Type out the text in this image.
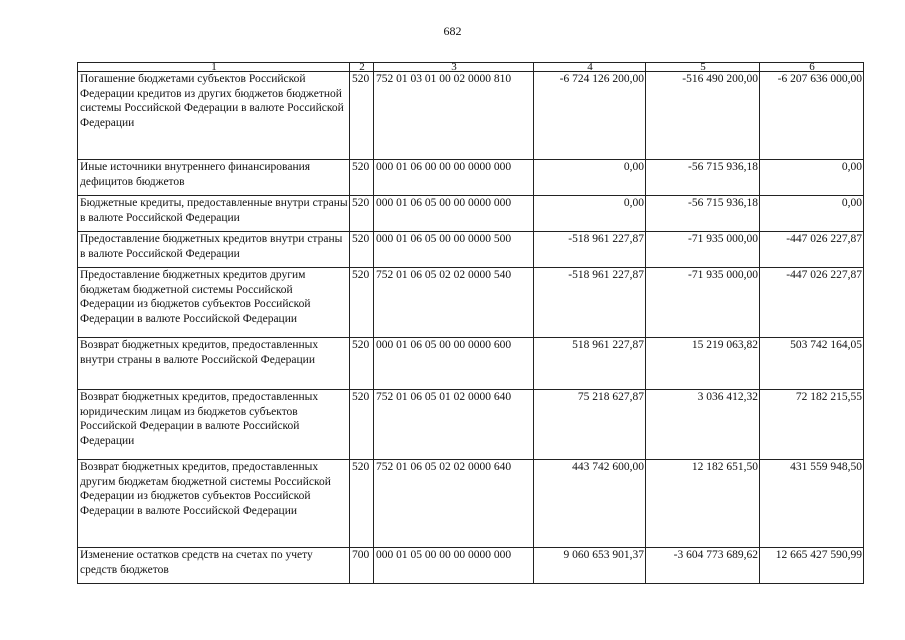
682
1	2	3	4	5	6
Погашение бюджетами субъектов Российской Федерации кредитов из других бюджетов бюджетной системы Российской Федерации в валюте Российской Федерации	520	752 01 03 01 00 02 0000 810	-6 724 126 200,00	-516 490 200,00	-6 207 636 000,00
Иные источники внутреннего финансирования дефицитов бюджетов	520	000 01 06 00 00 00 0000 000	0,00	-56 715 936,18	0,00
Бюджетные кредиты, предоставленные внутри страны в валюте Российской Федерации	520	000 01 06 05 00 00 0000 000	0,00	-56 715 936,18	0,00
Предоставление бюджетных кредитов внутри страны в валюте Российской Федерации	520	000 01 06 05 00 00 0000 500	-518 961 227,87	-71 935 000,00	-447 026 227,87
Предоставление бюджетных кредитов другим бюджетам бюджетной системы Российской Федерации из бюджетов субъектов Российской Федерации в валюте Российской Федерации	520	752 01 06 05 02 02 0000 540	-518 961 227,87	-71 935 000,00	-447 026 227,87
Возврат бюджетных кредитов, предоставленных внутри страны в валюте Российской Федерации	520	000 01 06 05 00 00 0000 600	518 961 227,87	15 219 063,82	503 742 164,05
Возврат бюджетных кредитов, предоставленных юридическим лицам из бюджетов субъектов Российской Федерации в валюте Российской Федерации	520	752 01 06 05 01 02 0000 640	75 218 627,87	3 036 412,32	72 182 215,55
Возврат бюджетных кредитов, предоставленных другим бюджетам бюджетной системы Российской Федерации из бюджетов субъектов Российской Федерации в валюте Российской Федерации	520	752 01 06 05 02 02 0000 640	443 742 600,00	12 182 651,50	431 559 948,50
Изменение остатков средств на счетах по учету средств бюджетов	700	000 01 05 00 00 00 0000 000	9 060 653 901,37	-3 604 773 689,62	12 665 427 590,99
